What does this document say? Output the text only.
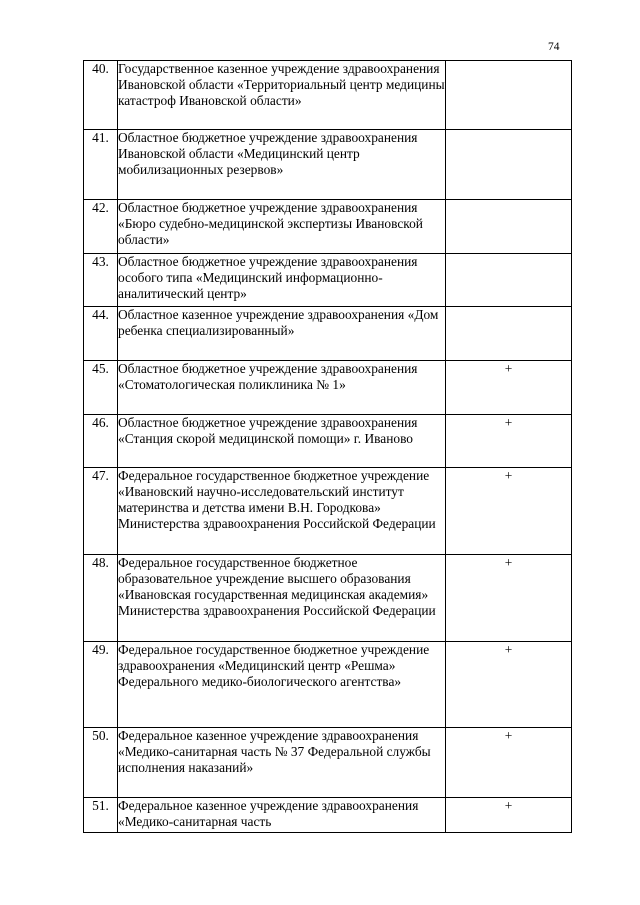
74
40.	Государственное казенное учреждение здравоохранения Ивановской области «Территориальный центр медицины катастроф Ивановской области»	
41.	Областное бюджетное учреждение здравоохранения Ивановской области «Медицинский центр мобилизационных резервов»	
42.	Областное бюджетное учреждение здравоохранения «Бюро судебно-медицинской экспертизы Ивановской области»	
43.	Областное бюджетное учреждение здравоохранения особого типа «Медицинский информационно-аналитический центр»	
44.	Областное казенное учреждение здравоохранения «Дом ребенка специализированный»	
45.	Областное бюджетное учреждение здравоохранения «Стоматологическая поликлиника № 1»	+
46.	Областное бюджетное учреждение здравоохранения «Станция скорой медицинской помощи» г. Иваново	+
47.	Федеральное государственное бюджетное учреждение «Ивановский научно-исследовательский институт материнства и детства имени В.Н. Городкова» Министерства здравоохранения Российской Федерации	+
48.	Федеральное государственное бюджетное образовательное учреждение высшего образования «Ивановская государственная медицинская академия» Министерства здравоохранения Российской Федерации	+
49.	Федеральное государственное бюджетное учреждение здравоохранения «Медицинский центр «Решма» Федерального медико-биологического агентства»	+
50.	Федеральное казенное учреждение здравоохранения «Медико-санитарная часть № 37 Федеральной службы исполнения наказаний»	+
51.	Федеральное казенное учреждение здравоохранения «Медико-санитарная часть	+
